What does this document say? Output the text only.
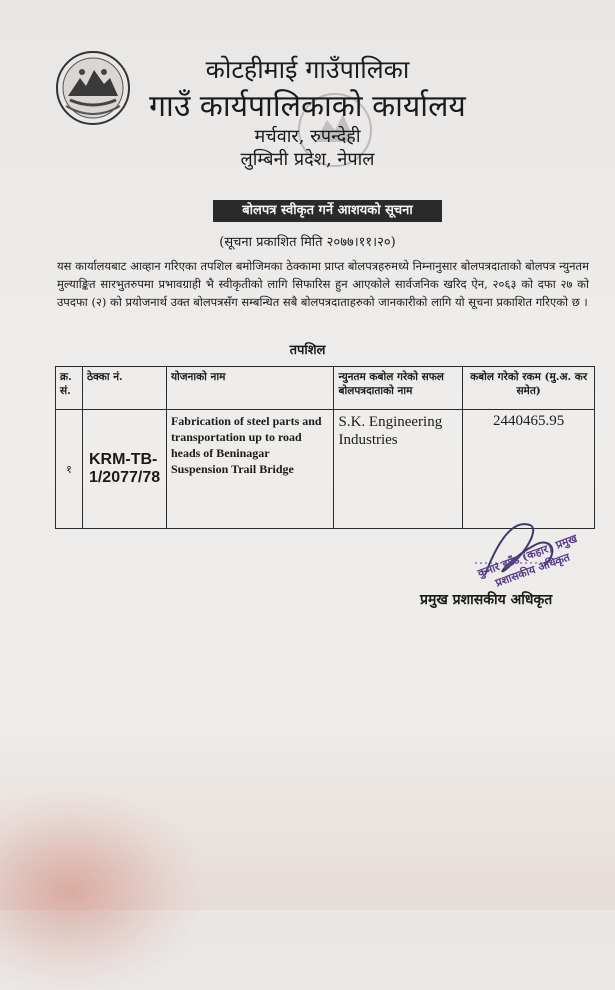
कोटहीमाई गाउँपालिका
गाउँ कार्यपालिकाको कार्यालय
मर्चवार, रुपन्देही
लुम्बिनी प्रदेश, नेपाल
बोलपत्र स्वीकृत गर्ने आशयको सूचना
(सूचना प्रकाशित मिति २०७७।११।२०)
यस कार्यालयबाट आव्हान गरिएका तपशिल बमोजिमका ठेक्कामा प्राप्त बोलपत्रहरुमध्ये निम्नानुसार बोलपत्रदाताको बोलपत्र न्युनतम मुल्याङ्कित सारभुतरुपमा प्रभावग्राही भै स्वीकृतीको लागि सिफारिस हुन आएकोले सार्वजनिक खरिद ऐन, २०६३ को दफा २७ को उपदफा (२) को प्रयोजनार्थ उक्त बोलपत्रसँग सम्बन्धित सबै बोलपत्रदाताहरुको जानकारीको लागि यो सूचना प्रकाशित गरिएको छ ।
तपशिल
क्र. सं.	ठेक्का नं.	योजनाको नाम	न्युनतम कबोल गरेको सफल बोलपत्रदाताको नाम	कबोल गरेको रकम (मु.अ. कर समेत)
१	KRM-TB-1/2077/78	Fabrication of steel parts and transportation up to road heads of Beninagar Suspension Trail Bridge	S.K. Engineering Industries	2440465.95
कुमार झाँड (कहार) प्रमुख प्रशासकीय अधिकृत
प्रमुख प्रशासकीय अधिकृत
